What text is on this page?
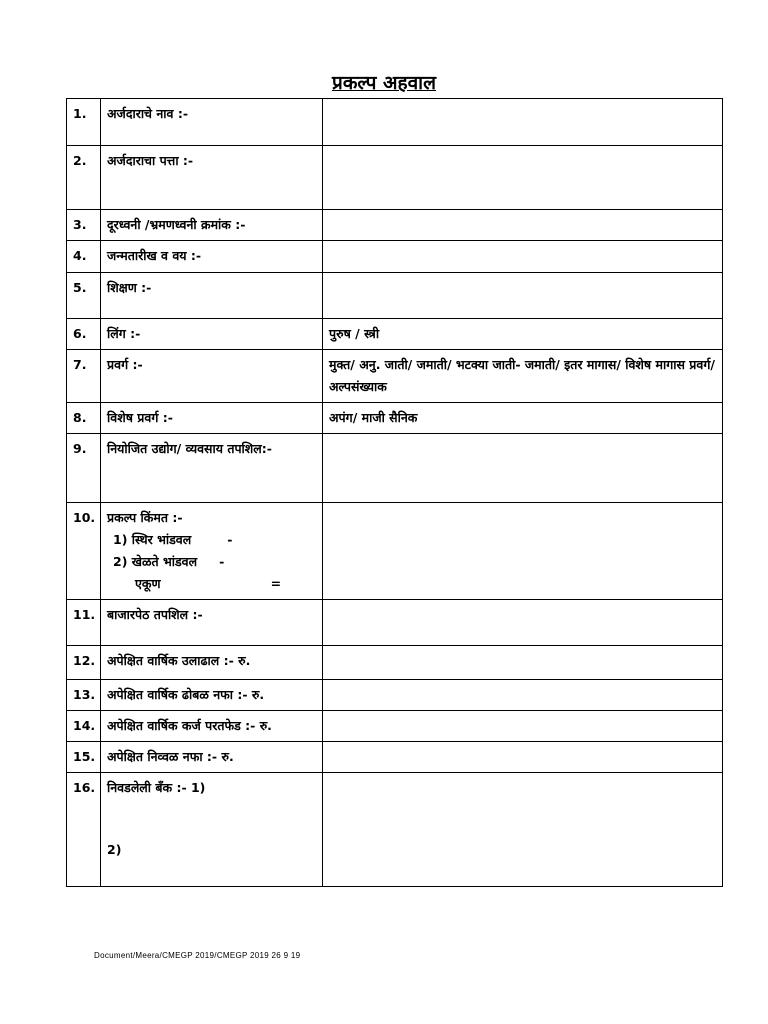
प्रकल्प अहवाल
1.	अर्जदाराचे नाव :-	
2.	अर्जदाराचा पत्ता :-	
3.	दूरध्वनी /भ्रमणध्वनी क्रमांक :-	
4.	जन्मतारीख व वय :-	
5.	शिक्षण :-	
6.	लिंग :-	पुरुष / स्त्री
7.	प्रवर्ग :-	मुक्त/ अनु. जाती/ जमाती/ भटक्या जाती- जमाती/ इतर मागास/ विशेष मागास प्रवर्ग/ अल्पसंख्याक
8.	विशेष प्रवर्ग :-	अपंग/ माजी सैनिक
9.	नियोजित उद्योग/ व्यवसाय तपशिल:-	
10.	प्रकल्प किंमत :-
1) स्थिर भांडवल -
2) खेळते भांडवल -
एकूण =	

11.	बाजारपेठ तपशिल :-	
12.	अपेक्षित वार्षिक उलाढाल :- रु.	
13.	अपेक्षित वार्षिक ढोबळ नफा :- रु.	
14.	अपेक्षित वार्षिक कर्ज परतफेड :- रु.	
15.	अपेक्षित निव्वळ नफा :- रु.	
16.	निवडलेली बँक :- 1)
2)	

Document/Meera/CMEGP 2019/CMEGP 2019 26 9 19
